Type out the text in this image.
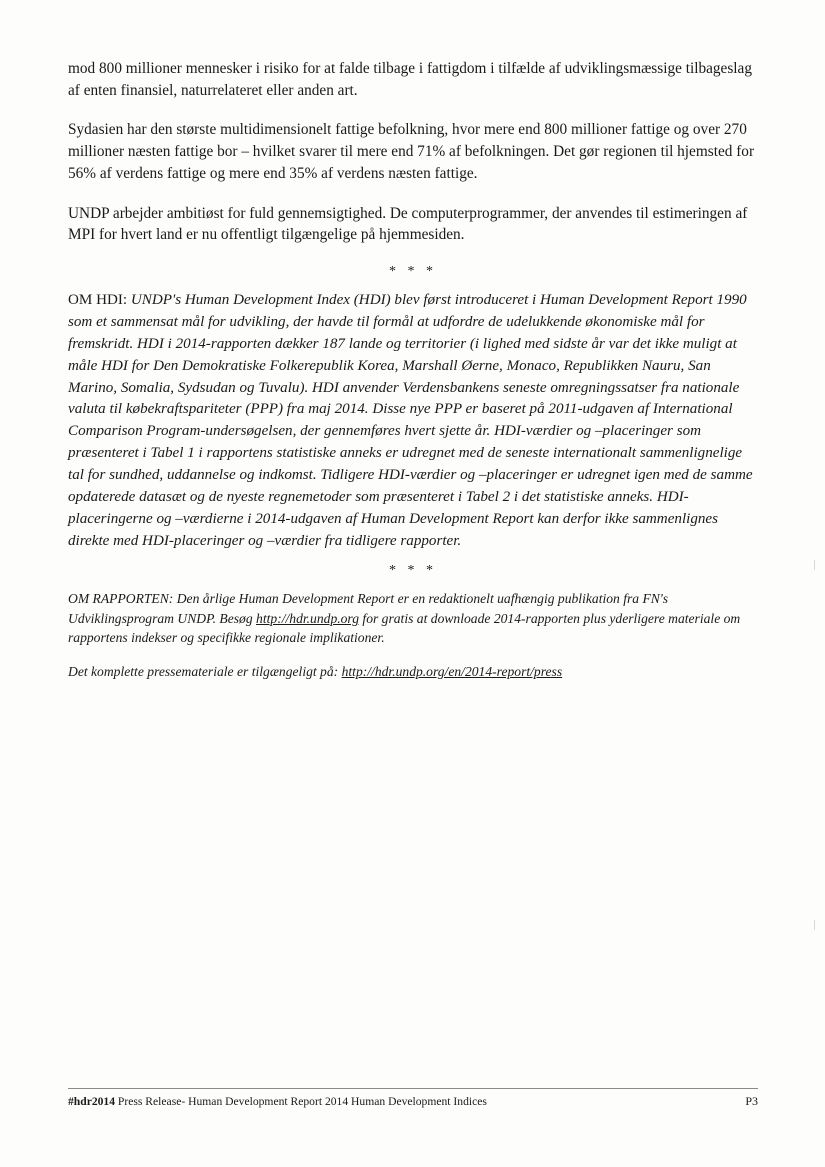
mod 800 millioner mennesker i risiko for at falde tilbage i fattigdom i tilfælde af udviklingsmæssige tilbageslag af enten finansiel, naturrelateret eller anden art.

Sydasien har den største multidimensionelt fattige befolkning, hvor mere end 800 millioner fattige og over 270 millioner næsten fattige bor – hvilket svarer til mere end 71% af befolkningen. Det gør regionen til hjemsted for 56% af verdens fattige og mere end 35% af verdens næsten fattige.

UNDP arbejder ambitiøst for fuld gennemsigtighed. De computerprogrammer, der anvendes til estimeringen af MPI for hvert land er nu offentligt tilgængelige på hjemmesiden.

* * *

OM HDI: UNDP's Human Development Index (HDI) blev først introduceret i Human Development Report 1990 som et sammensat mål for udvikling, der havde til formål at udfordre de udelukkende økonomiske mål for fremskridt. HDI i 2014-rapporten dækker 187 lande og territorier (i lighed med sidste år var det ikke muligt at måle HDI for Den Demokratiske Folkerepublik Korea, Marshall Øerne, Monaco, Republikken Nauru, San Marino, Somalia, Sydsudan og Tuvalu). HDI anvender Verdensbankens seneste omregningssatser fra nationale valuta til købekraftspariteter (PPP) fra maj 2014. Disse nye PPP er baseret på 2011-udgaven af International Comparison Program-undersøgelsen, der gennemføres hvert sjette år. HDI-værdier og –placeringer som præsenteret i Tabel 1 i rapportens statistiske anneks er udregnet med de seneste internationalt sammenlignelige tal for sundhed, uddannelse og indkomst. Tidligere HDI-værdier og –placeringer er udregnet igen med de samme opdaterede datasæt og de nyeste regnemetoder som præsenteret i Tabel 2 i det statistiske anneks. HDI-placeringerne og –værdierne i 2014-udgaven af Human Development Report kan derfor ikke sammenlignes direkte med HDI-placeringer og –værdier fra tidligere rapporter.

* * *

OM RAPPORTEN: Den årlige Human Development Report er en redaktionelt uafhængig publikation fra FN's Udviklingsprogram UNDP. Besøg http://hdr.undp.org for gratis at downloade 2014-rapporten plus yderligere materiale om rapportens indekser og specifikke regionale implikationer.

Det komplette pressemateriale er tilgængeligt på: http://hdr.undp.org/en/2014-report/press

#hdr2014 Press Release- Human Development Report 2014 Human Development Indices	P3
